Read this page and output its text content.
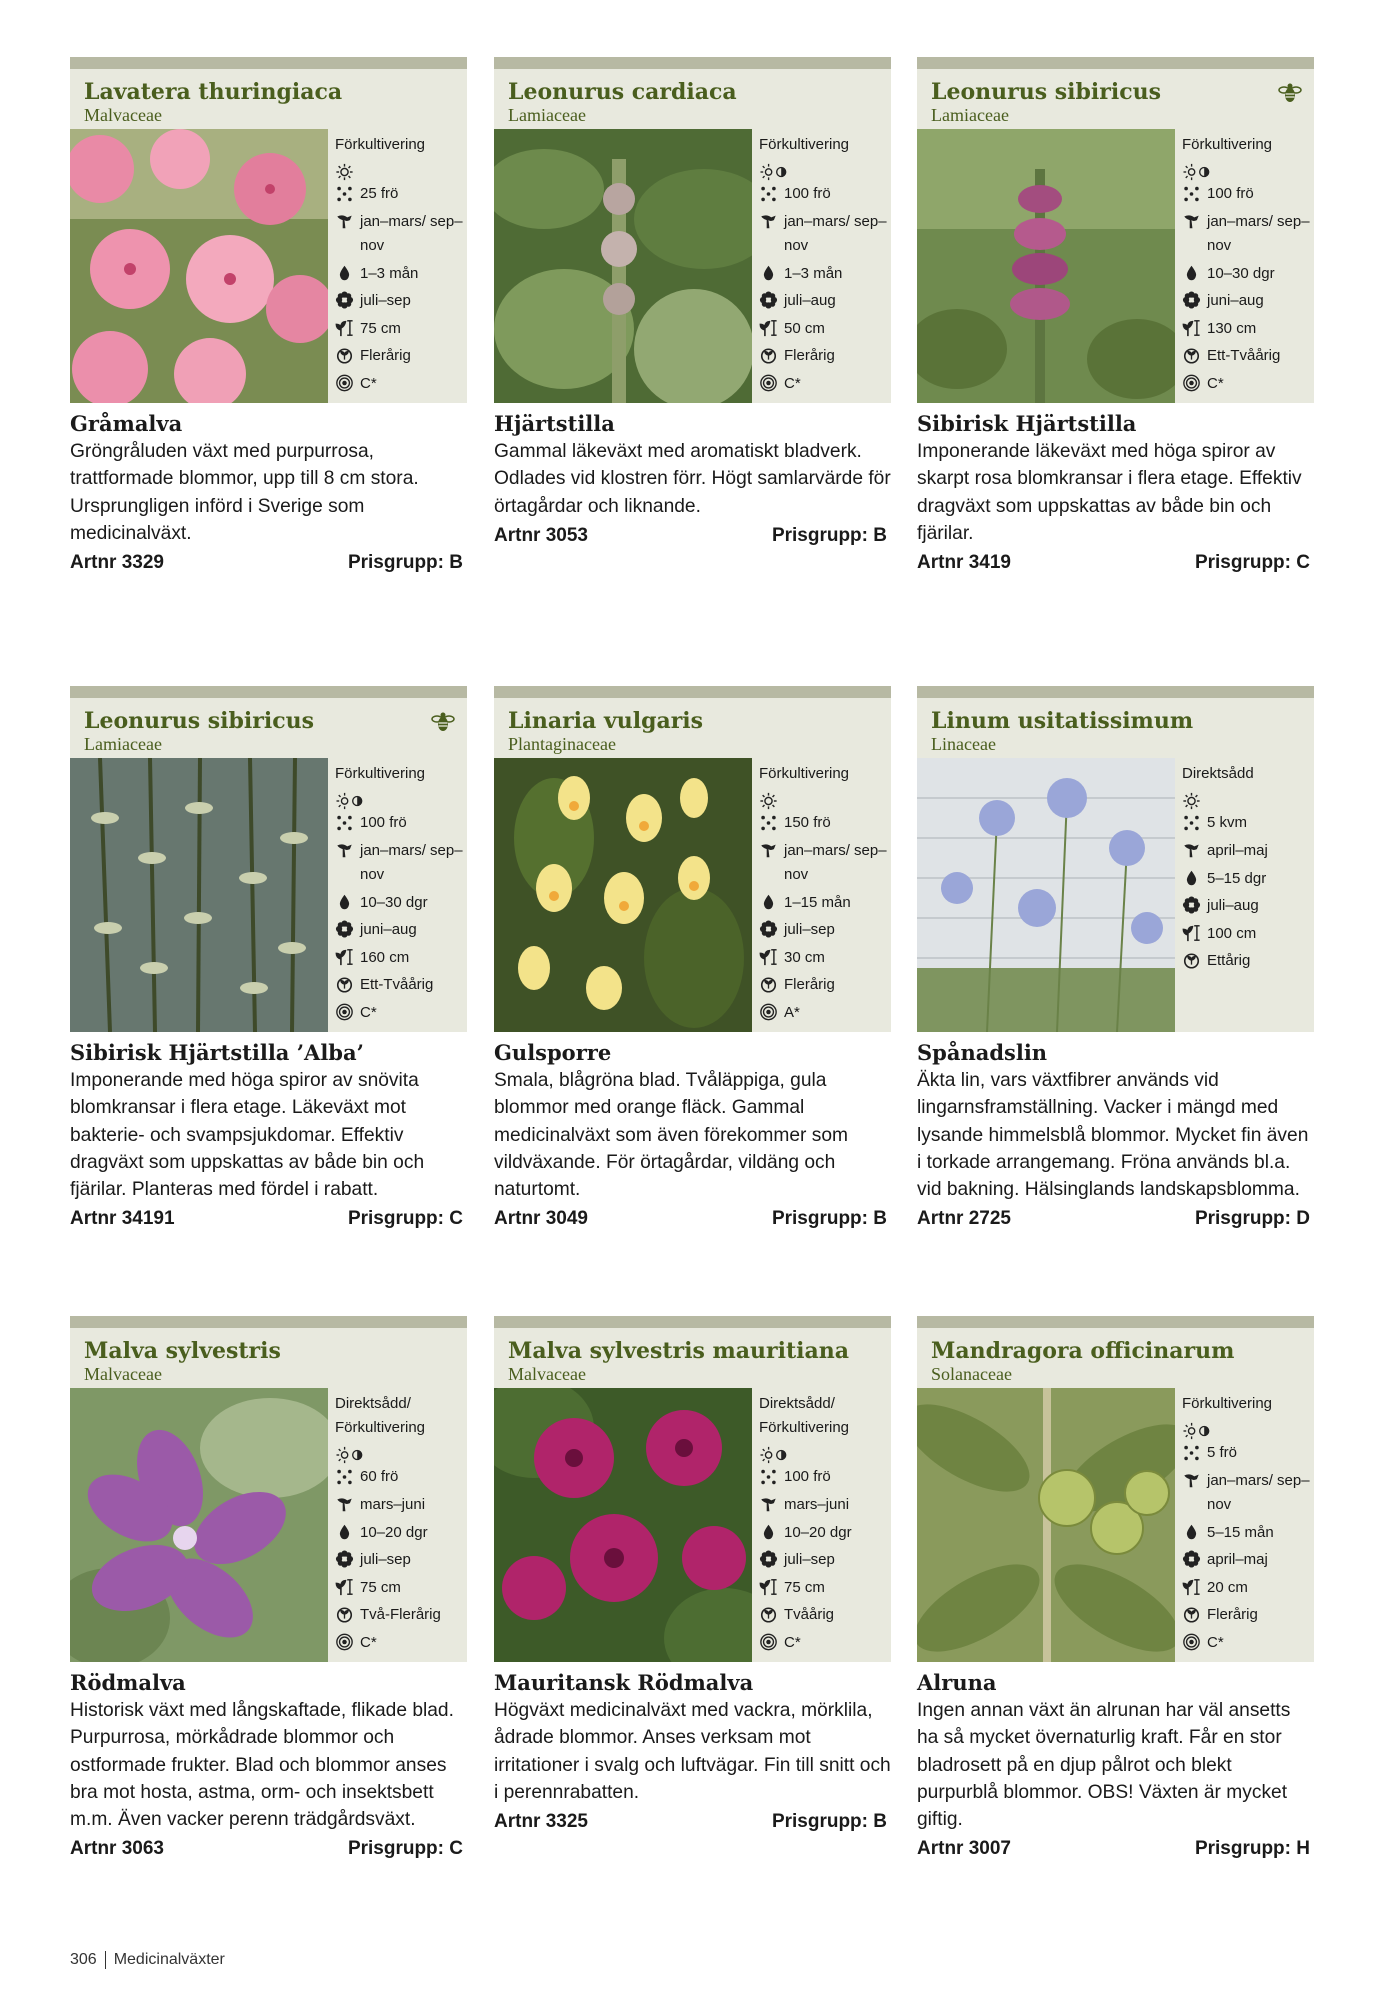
Lavatera thuringiaca
Malvaceae
Förkultivering
25 frö
jan–mars/ sep–nov
1–3 mån
juli–sep
75 cm
Flerårig
C*
Gråmalva
Gröngråluden växt med purpurrosa, trattformade blommor, upp till 8 cm stora. Ursprungligen införd i Sverige som medicinalväxt.
Artnr 3329	Prisgrupp: B
Leonurus cardiaca
Lamiaceae
Förkultivering
100 frö
jan–mars/ sep–nov
1–3 mån
juli–aug
50 cm
Flerårig
C*
Hjärtstilla
Gammal läkeväxt med aromatiskt bladverk. Odlades vid klostren förr. Högt samlarvärde för örtagårdar och liknande.
Artnr 3053	Prisgrupp: B
Leonurus sibiricus
Lamiaceae
Förkultivering
100 frö
jan–mars/ sep–nov
10–30 dgr
juni–aug
130 cm
Ett-Tvåårig
C*
Sibirisk Hjärtstilla
Imponerande läkeväxt med höga spiror av skarpt rosa blomkransar i flera etage. Effektiv dragväxt som uppskattas av både bin och fjärilar.
Artnr 3419	Prisgrupp: C
Leonurus sibiricus
Lamiaceae
Förkultivering
100 frö
jan–mars/ sep–nov
10–30 dgr
juni–aug
160 cm
Ett-Tvåårig
C*
Sibirisk Hjärtstilla ’Alba’
Imponerande med höga spiror av snövita blomkransar i flera etage. Läkeväxt mot bakterie- och svampsjukdomar. Effektiv dragväxt som uppskattas av både bin och fjärilar. Planteras med fördel i rabatt.
Artnr 34191	Prisgrupp: C
Linaria vulgaris
Plantaginaceae
Förkultivering
150 frö
jan–mars/ sep–nov
1–15 mån
juli–sep
30 cm
Flerårig
A*
Gulsporre
Smala, blågröna blad. Tvåläppiga, gula blommor med orange fläck. Gammal medicinalväxt som även förekommer som vildväxande. För örtagårdar, vildäng och naturtomt.
Artnr 3049	Prisgrupp: B
Linum usitatissimum
Linaceae
Direktsådd
5 kvm
april–maj
5–15 dgr
juli–aug
100 cm
Ettårig
Spånadslin
Äkta lin, vars växtfibrer används vid lingarnsframställning. Vacker i mängd med lysande himmelsblå blommor. Mycket fin även i torkade arrangemang. Fröna används bl.a. vid bakning. Hälsinglands landskapsblomma.
Artnr 2725	Prisgrupp: D
Malva sylvestris
Malvaceae
Direktsådd/ Förkultivering
60 frö
mars–juni
10–20 dgr
juli–sep
75 cm
Två-Flerårig
C*
Rödmalva
Historisk växt med långskaftade, flikade blad. Purpurrosa, mörkådrade blommor och ostformade frukter. Blad och blommor anses bra mot hosta, astma, orm- och insektsbett m.m. Även vacker perenn trädgårdsväxt.
Artnr 3063	Prisgrupp: C
Malva sylvestris mauritiana
Malvaceae
Direktsådd/ Förkultivering
100 frö
mars–juni
10–20 dgr
juli–sep
75 cm
Tvåårig
C*
Mauritansk Rödmalva
Högväxt medicinalväxt med vackra, mörklila, ådrade blommor. Anses verksam mot irritationer i svalg och luftvägar. Fin till snitt och i perennrabatten.
Artnr 3325	Prisgrupp: B
Mandragora officinarum
Solanaceae
Förkultivering
5 frö
jan–mars/ sep–nov
5–15 mån
april–maj
20 cm
Flerårig
C*
Alruna
Ingen annan växt än alrunan har väl ansetts ha så mycket övernaturlig kraft. Får en stor bladrosett på en djup pålrot och blekt purpurblå blommor. OBS! Växten är mycket giftig.
Artnr 3007	Prisgrupp: H
306 Medicinalväxter
